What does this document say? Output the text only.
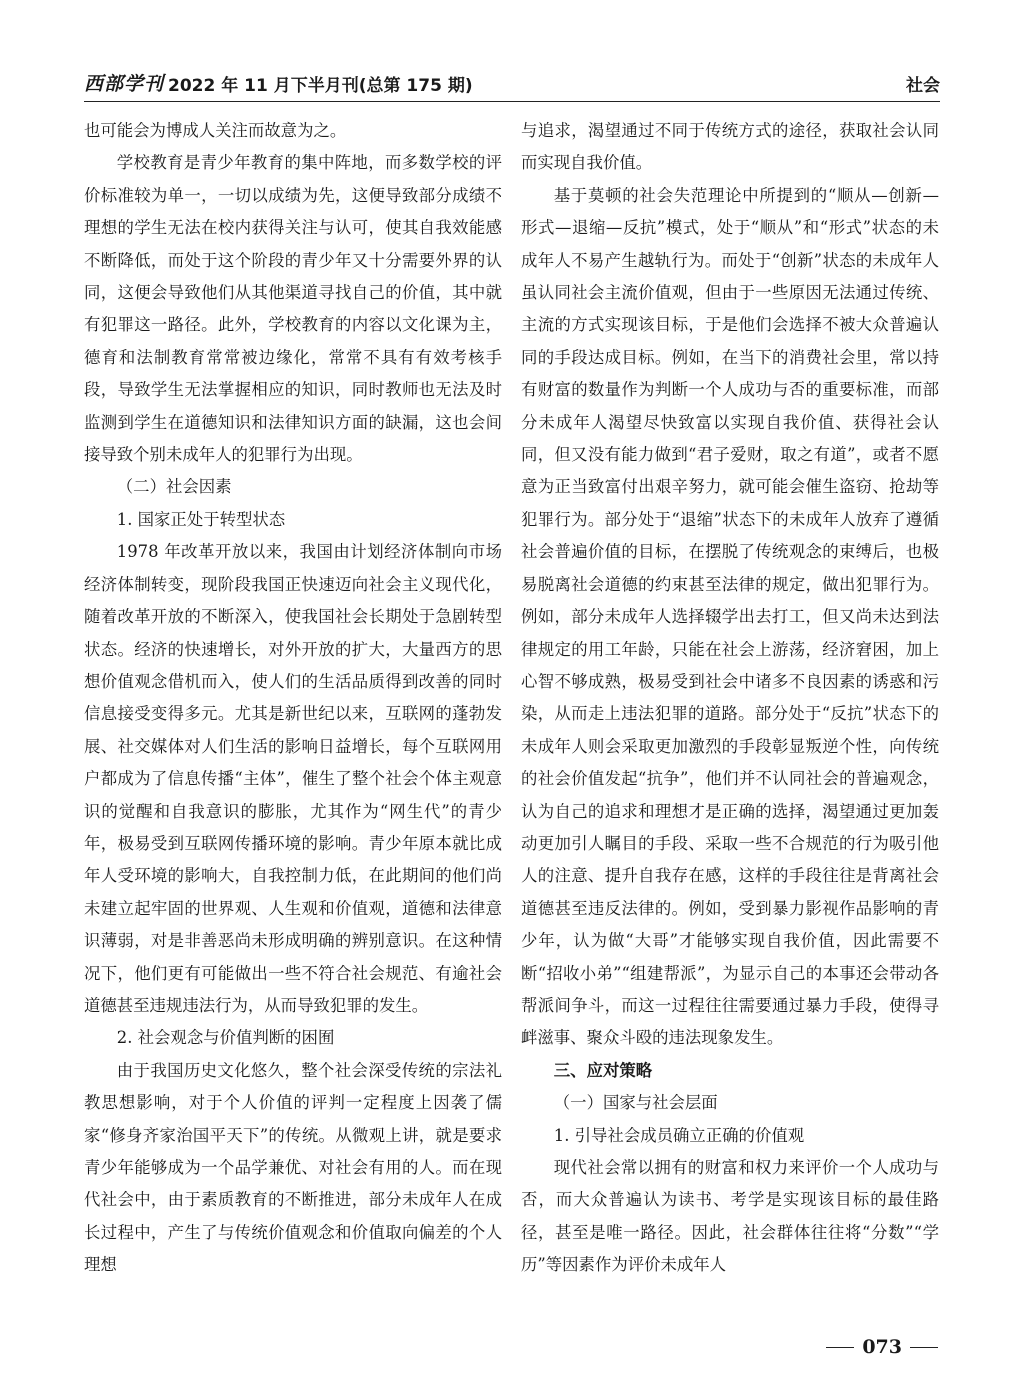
西部学刊 2022 年 11 月下半月刊(总第 175 期)	社会

也可能会为博成人关注而故意为之。

学校教育是青少年教育的集中阵地，而多数学校的评价标准较为单一，一切以成绩为先，这便导致部分成绩不理想的学生无法在校内获得关注与认可，使其自我效能感不断降低，而处于这个阶段的青少年又十分需要外界的认同，这便会导致他们从其他渠道寻找自己的价值，其中就有犯罪这一路径。此外，学校教育的内容以文化课为主，德育和法制教育常常被边缘化，常常不具有有效考核手段，导致学生无法掌握相应的知识，同时教师也无法及时监测到学生在道德知识和法律知识方面的缺漏，这也会间接导致个别未成年人的犯罪行为出现。

（二）社会因素

1. 国家正处于转型状态

1978 年改革开放以来，我国由计划经济体制向市场经济体制转变，现阶段我国正快速迈向社会主义现代化，随着改革开放的不断深入，使我国社会长期处于急剧转型状态。经济的快速增长，对外开放的扩大，大量西方的思想价值观念借机而入，使人们的生活品质得到改善的同时信息接受变得多元。尤其是新世纪以来，互联网的蓬勃发展、社交媒体对人们生活的影响日益增长，每个互联网用户都成为了信息传播“主体”，催生了整个社会个体主观意识的觉醒和自我意识的膨胀，尤其作为“网生代”的青少年，极易受到互联网传播环境的影响。青少年原本就比成年人受环境的影响大，自我控制力低，在此期间的他们尚未建立起牢固的世界观、人生观和价值观，道德和法律意识薄弱，对是非善恶尚未形成明确的辨别意识。在这种情况下，他们更有可能做出一些不符合社会规范、有逾社会道德甚至违规违法行为，从而导致犯罪的发生。

2. 社会观念与价值判断的困囿

由于我国历史文化悠久，整个社会深受传统的宗法礼教思想影响，对于个人价值的评判一定程度上因袭了儒家“修身齐家治国平天下”的传统。从微观上讲，就是要求青少年能够成为一个品学兼优、对社会有用的人。而在现代社会中，由于素质教育的不断推进，部分未成年人在成长过程中，产生了与传统价值观念和价值取向偏差的个人理想

与追求，渴望通过不同于传统方式的途径，获取社会认同而实现自我价值。

基于莫顿的社会失范理论中所提到的“顺从—创新—形式—退缩—反抗”模式，处于“顺从”和“形式”状态的未成年人不易产生越轨行为。而处于“创新”状态的未成年人虽认同社会主流价值观，但由于一些原因无法通过传统、主流的方式实现该目标，于是他们会选择不被大众普遍认同的手段达成目标。例如，在当下的消费社会里，常以持有财富的数量作为判断一个人成功与否的重要标准，而部分未成年人渴望尽快致富以实现自我价值、获得社会认同，但又没有能力做到“君子爱财，取之有道”，或者不愿意为正当致富付出艰辛努力，就可能会催生盗窃、抢劫等犯罪行为。部分处于“退缩”状态下的未成年人放弃了遵循社会普遍价值的目标，在摆脱了传统观念的束缚后，也极易脱离社会道德的约束甚至法律的规定，做出犯罪行为。例如，部分未成年人选择辍学出去打工，但又尚未达到法律规定的用工年龄，只能在社会上游荡，经济窘困，加上心智不够成熟，极易受到社会中诸多不良因素的诱惑和污染，从而走上违法犯罪的道路。部分处于“反抗”状态下的未成年人则会采取更加激烈的手段彰显叛逆个性，向传统的社会价值发起“抗争”，他们并不认同社会的普遍观念，认为自己的追求和理想才是正确的选择，渴望通过更加轰动更加引人瞩目的手段、采取一些不合规范的行为吸引他人的注意、提升自我存在感，这样的手段往往是背离社会道德甚至违反法律的。例如，受到暴力影视作品影响的青少年，认为做“大哥”才能够实现自我价值，因此需要不断“招收小弟”“组建帮派”，为显示自己的本事还会带动各帮派间争斗，而这一过程往往需要通过暴力手段，使得寻衅滋事、聚众斗殴的违法现象发生。

三、应对策略

（一）国家与社会层面

1. 引导社会成员确立正确的价值观

现代社会常以拥有的财富和权力来评价一个人成功与否，而大众普遍认为读书、考学是实现该目标的最佳路径，甚至是唯一路径。因此，社会群体往往将“分数”“学历”等因素作为评价未成年人

073
